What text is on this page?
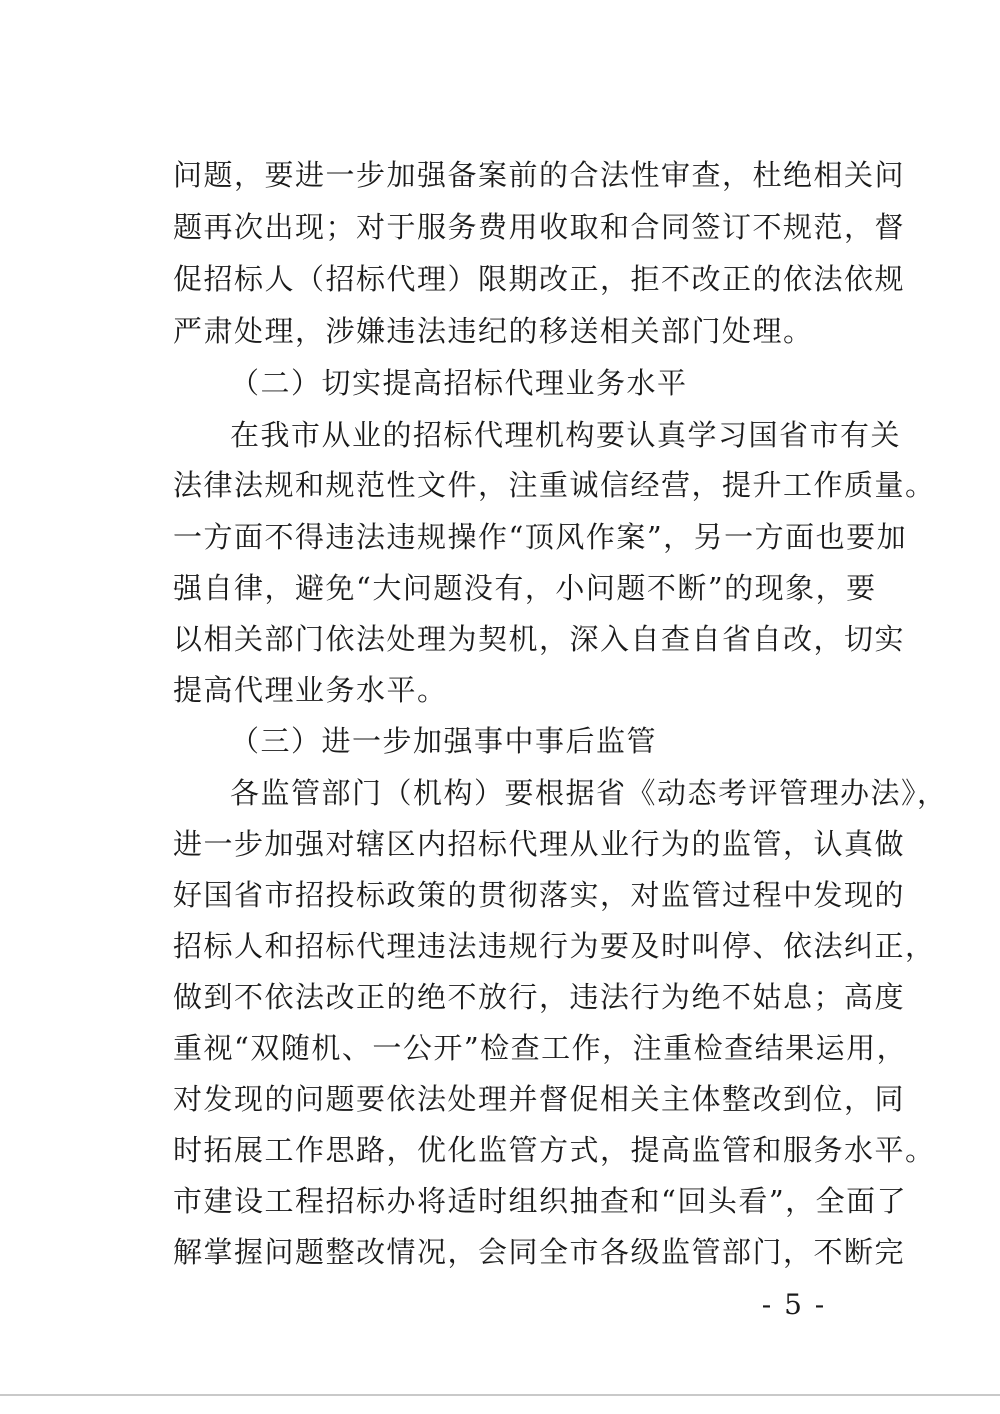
问题，要进一步加强备案前的合法性审查，杜绝相关问
题再次出现；对于服务费用收取和合同签订不规范，督
促招标人（招标代理）限期改正，拒不改正的依法依规
严肃处理，涉嫌违法违纪的移送相关部门处理。
（二）切实提高招标代理业务水平
在我市从业的招标代理机构要认真学习国省市有关
法律法规和规范性文件，注重诚信经营，提升工作质量。
一方面不得违法违规操作“顶风作案”，另一方面也要加
强自律，避免“大问题没有，小问题不断”的现象，要
以相关部门依法处理为契机，深入自查自省自改，切实
提高代理业务水平。
（三）进一步加强事中事后监管
各监管部门（机构）要根据省《动态考评管理办法》，
进一步加强对辖区内招标代理从业行为的监管，认真做
好国省市招投标政策的贯彻落实，对监管过程中发现的
招标人和招标代理违法违规行为要及时叫停、依法纠正，
做到不依法改正的绝不放行，违法行为绝不姑息；高度
重视“双随机、一公开”检查工作，注重检查结果运用，
对发现的问题要依法处理并督促相关主体整改到位，同
时拓展工作思路，优化监管方式，提高监管和服务水平。
市建设工程招标办将适时组织抽查和“回头看”，全面了
解掌握问题整改情况，会同全市各级监管部门，不断完
- 5 -
